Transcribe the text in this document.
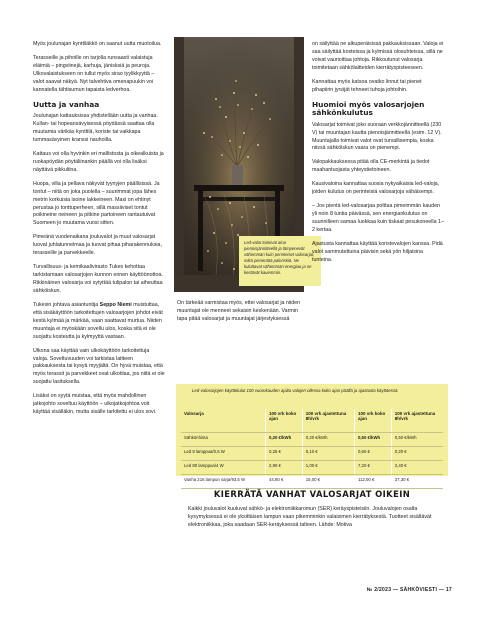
Myös joulunajan kynttiläkkö on saanut uutta muotoilua.

Terasseille ja pihoille on tarjolla runsaasti valaistuja eläimiä – pingviinejä, karhuja, jänisksiä ja peuroja. Ulkovalaistukseen on tullut myös sirao tyylikkyyttä – valot saavat näkyä. Nyt talvehtiva omenapuukin voi kannatella tähtisumun tapaista ledverhoa.

Uutta ja vanhaa

Joulunajan kattauksissa yhdistellään uutta ja vanhaa. Kullan- tai hopeansävyisessä pöydässä saattaa olla muutamia värikäs kynttilä, koriste tai vaikkapa tummasävyinen kranssi nauhoilla.

Kattaus voi olla hyvinkin eri mallistosta ja oikealkuista ja ruokapöydän pöytäliinankin päällä voi olla lisäksi näyttävä pikkuliina.

Huopa, villa ja pellava näkyvät tyynyjen päällisissä. Ja tontut – niitä on joka puolella – suurimmat jopa lähes metrin korkuisia isoine lakkeineen. Maxi on ehtinyt perustaa jo tonttuperheen, sillä massiiviset tontut poikineine neineen ja pitkine partoineen rantautuivat Suomeen jo muutama vuosi sitten.

Pimeänä vuodenaikana jouluvalot ja muut valosarjat luovat juhlatunnelmaa ja tuovat pihaa piharakennuksia, terasseille ja parvekkeelle.

Turvallisuus- ja kemikaalivirasto Tukes kehottaa tarkistamaan valosarjojen kunnon ennen käyttöönottoa. Rikkinäinen valosarja voi sytyttää tulipalon tai aiheuttaa sähköiskun.

Tukesin johtava asiantuntija Seppo Niemi muistuttaa, että sisäkäyttöön tarkoitettujen valosarjojen johdot eivät kestä kylmää ja märkää, vaan saattavat murtua. Niiden muuntaja ei myöskään sovellu ulos, koska sitä ei ole suojattu kosteutta ja kylmyyttä vastaan.

Ulkona saa käyttää vain ulkokäyttöön tarkoitettuja valoja. Soveltuvuuden voi tarkistaa laitteen pakkauksesta tai kysyä myyjältä. On hyvä muistaa, että myös terassit ja parvekkeet ovat ulkotilaa, jos niitä ei ole suojattu lasituksella.

Lisäksi on syytä muistaa, että myös mahdollinen jatkojohto soveltuu käyttöön – ulkojatkojohtoa voit käyttää sisälläkin, mutta sisälle tarkitettu ei ulos sovi.

Led-valot toimivat aina pienoisjännitteellä ja lämpenevät vähemmän kuin perinteiset valosarjat, mikä pienentää paloriskiä. Ne kuluttavat vähemmän energiaa ja ne kestävät kauemmin.
On tärkeää varmistaa myös, ettei valosarjat ja niiden muuntajat ole menneet sekaisin keskenään. Varmin tapa pitää valosarjat ja muuntajat järjestyksessä

on säilyttää ne alkuperäisissä pakkauksissaan. Valoja ei saa säilyttää kosteissa ja kylmissä olosuhteissa, sillä ne voivat vaurioittaa johtoja. Rikkoutunut valosarja toimitetaan sähkölaitteiden kierrätyspisteeseen.

Kannattaa myös katsoa ovatko linnut tai pienet pihapiirin jyrsijät tehneet tuhoja johtoihin.

Huomioi myös valosarjojen sähkönkulutus

Valosarjat toimivat joko suoraan verkkojännitteellä (230 V) tai muuntajan kautta pienoisjännitteellä (esim. 12 V). Muuntajalla toimivat valot ovat turvallisempia, koska niissä sähköiskun vaara on pienempi.

Valopakkauksessa pitää olla CE-merkintä ja tiedot maahantuojasta yhteystietoineen.

Kausivaloina kannattaa suosia nykyaikaisia led-valoja, joiden kulutus on perinteisiä valosarjoja vähäisempi.

– Jos pientä led-valosarjaa polttaa pimeimmän kauden yli noin 8 tuntia päivässä, sen energiankulutus on suunnilleen samaa luokkaa kuin tiskaat pesukoneella 1–2 kertaa.

Ajastusta kannattaa käyttää koristevalojen kanssa. Pidä valot sammutettuina päivisin sekä yön hiljaisina tunteina.

Led-valosarjojen käyttökulut 100 vuorokauden ajalta valojen ollessa koko ajan päällä ja ajastusta käyttäessä.
Valosarja	100 vrk koko ajan	100 vrk ajastettuna 8h/vrk	100 vrk koko ajan	100 vrk ajastettuna 8h/vrk
Sähkönhinta	0,20 €/kWh	0,20 €/kWh	0,50 €/kWh	0,50 €/kWh
Led 8 lamppua/0,5 W	0,25 €	0,10 €	0,60 €	0,20 €
Led 80 lamppua/4 W	2,90 €	1,00 €	7,20 €	2,40 €
Vanha 216 lampun sarja/93,5 W	44,80 €	15,00 €	112,00 €	37,30 €
KIERRÄTÄ VANHAT VALOSARJAT OIKEIN
Kaikki jouluvalot kuuluvat sähkö- ja elektroniikkaromun (SER) keräyspisteisiin. Jouluvalojen osalta kysymyksessä ei ole yksittäisen lampun vaan pikemminkin valaisimen kierrätyksestä. Tuotteet sisältävät elektroniikkaa, joka saadaan SER-keräyksessä talteen. Lähde: Motiva
№ 2/2023 — SÄHKÖVIESTI — 17
